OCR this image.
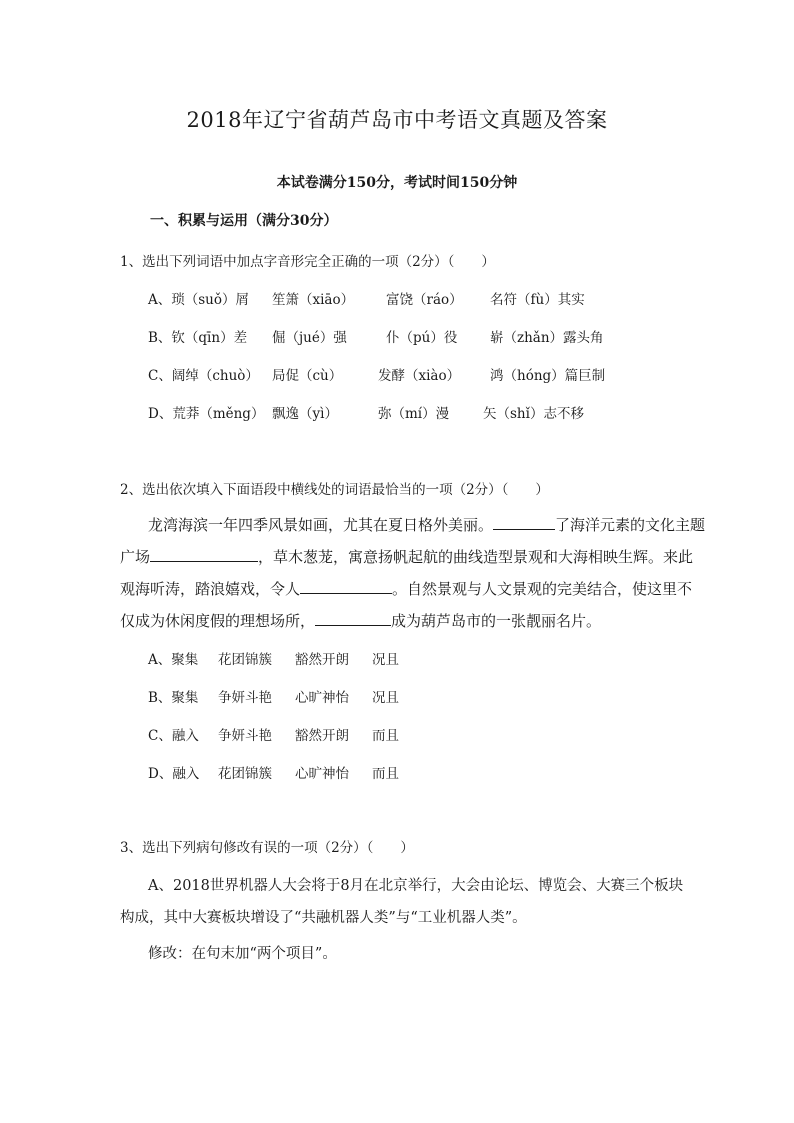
2018年辽宁省葫芦岛市中考语文真题及答案
本试卷满分150分，考试时间150分钟
一、积累与运用（满分30分）
1、选出下列词语中加点字音形完全正确的一项（2分）（　　）
A、琐（suǒ）屑 笙箫（xiāo） 富饶（ráo） 名符（fù）其实
B、钦（qīn）差 倔（jué）强	仆（pú）役 崭（zhǎn）露头角
C、阔绰（chuò） 局促（cù）	发酵（xiào） 鸿（hóng）篇巨制
D、荒莽（měng） 飘逸（yì）	弥（mí）漫	矢（shǐ）志不移
2、选出依次填入下面语段中横线处的词语最恰当的一项（2分）（　　）
龙湾海滨一年四季风景如画，尤其在夏日格外美丽。	了海洋元素的文化主题
广场	，草木葱茏，寓意扬帆起航的曲线造型景观和大海相映生辉。来此
观海听涛，踏浪嬉戏，令人	。自然景观与人文景观的完美结合，使这里不
仅成为休闲度假的理想场所，	成为葫芦岛市的一张靓丽名片。
A、聚集 花团锦簇 豁然开朗 况且
B、聚集 争妍斗艳 心旷神怡 况且
C、融入 争妍斗艳 豁然开朗 而且
D、融入 花团锦簇 心旷神怡 而且
3、选出下列病句修改有误的一项（2分）（　　）
A、2018世界机器人大会将于8月在北京举行，大会由论坛、博览会、大赛三个板块
构成，其中大赛板块增设了“共融机器人类”与“工业机器人类”。
修改：在句末加“两个项目”。
